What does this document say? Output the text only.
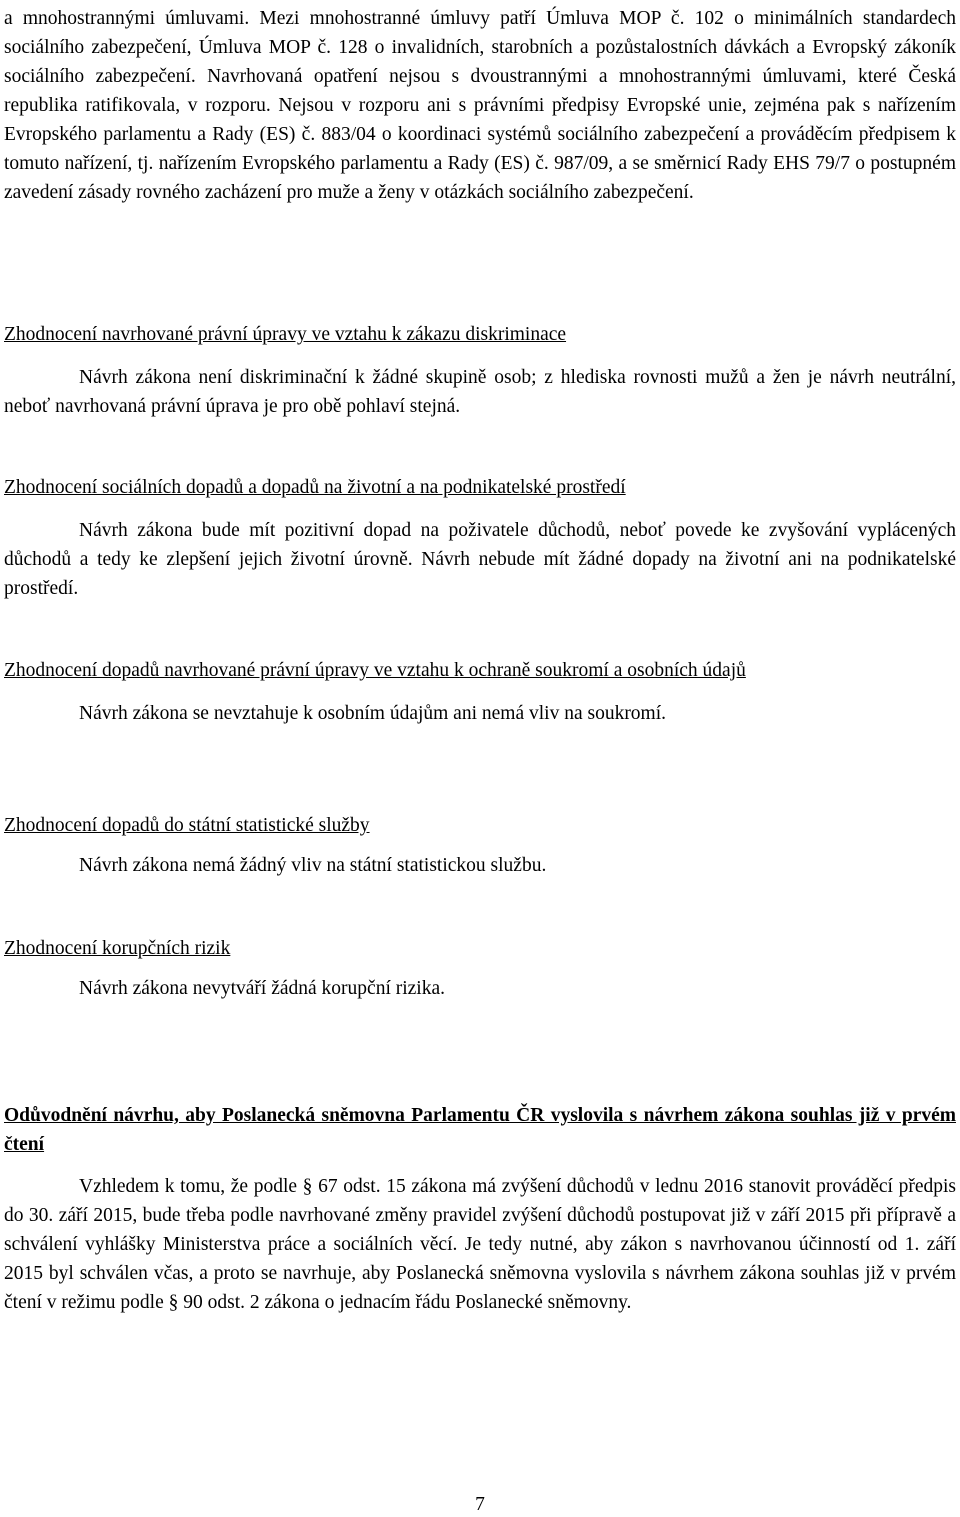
a mnohostrannými úmluvami. Mezi mnohostranné úmluvy patří Úmluva MOP č. 102 o minimálních standardech sociálního zabezpečení, Úmluva MOP č. 128 o invalidních, starobních a pozůstalostních dávkách a Evropský zákoník sociálního zabezpečení. Navrhovaná opatření nejsou s dvoustrannými a mnohostrannými úmluvami, které Česká republika ratifikovala, v rozporu. Nejsou v rozporu ani s právními předpisy Evropské unie, zejména pak s nařízením Evropského parlamentu a Rady (ES) č. 883/04 o koordinaci systémů sociálního zabezpečení a prováděcím předpisem k tomuto nařízení, tj. nařízením Evropského parlamentu a Rady (ES) č. 987/09, a se směrnicí Rady EHS 79/7 o postupném zavedení zásady rovného zacházení pro muže a ženy v otázkách sociálního zabezpečení.

Zhodnocení navrhované právní úpravy ve vztahu k zákazu diskriminace

Návrh zákona není diskriminační k žádné skupině osob; z hlediska rovnosti mužů a žen je návrh neutrální, neboť navrhovaná právní úprava je pro obě pohlaví stejná.

Zhodnocení sociálních dopadů a dopadů na životní a na podnikatelské prostředí

Návrh zákona bude mít pozitivní dopad na poživatele důchodů, neboť povede ke zvyšování vyplácených důchodů a tedy ke zlepšení jejich životní úrovně. Návrh nebude mít žádné dopady na životní ani na podnikatelské prostředí.

Zhodnocení dopadů navrhované právní úpravy ve vztahu k ochraně soukromí a osobních údajů

Návrh zákona se nevztahuje k osobním údajům ani nemá vliv na soukromí.

Zhodnocení dopadů do státní statistické služby

Návrh zákona nemá žádný vliv na státní statistickou službu.

Zhodnocení korupčních rizik

Návrh zákona nevytváří žádná korupční rizika.

Odůvodnění návrhu, aby Poslanecká sněmovna Parlamentu ČR vyslovila s návrhem zákona souhlas již v prvém čtení

Vzhledem k tomu, že podle § 67 odst. 15 zákona má zvýšení důchodů v lednu 2016 stanovit prováděcí předpis do 30. září 2015, bude třeba podle navrhované změny pravidel zvýšení důchodů postupovat již v září 2015 při přípravě a schválení vyhlášky Ministerstva práce a sociálních věcí. Je tedy nutné, aby zákon s navrhovanou účinností od 1. září 2015 byl schválen včas, a proto se navrhuje, aby Poslanecká sněmovna vyslovila s návrhem zákona souhlas již v prvém čtení v režimu podle § 90 odst. 2 zákona o jednacím řádu Poslanecké sněmovny.

7
